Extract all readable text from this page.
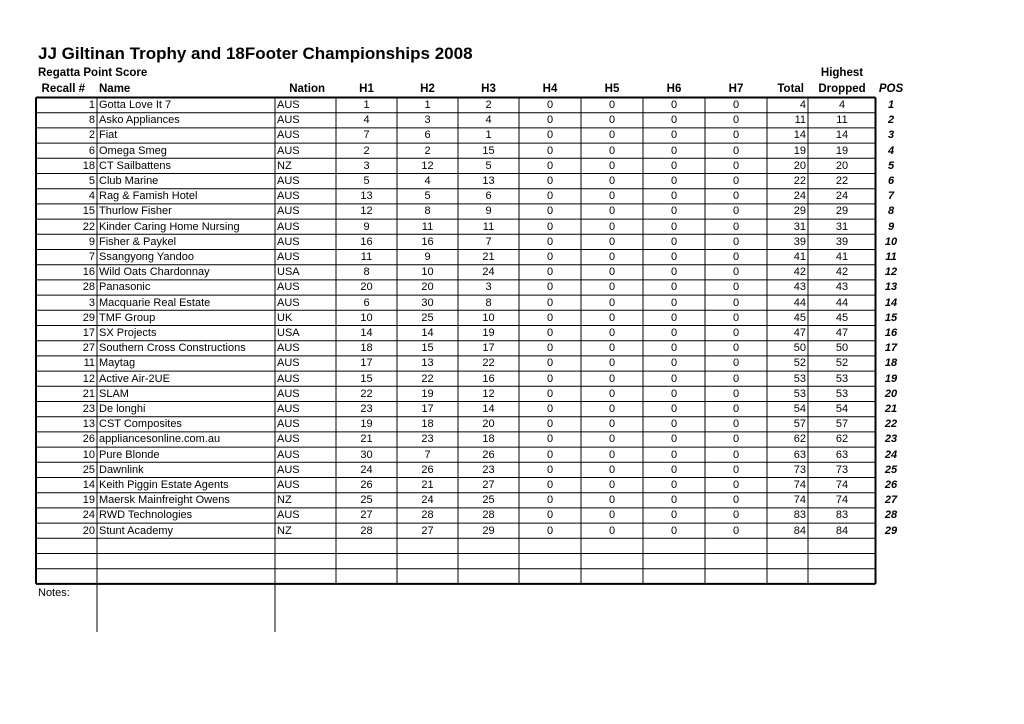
JJ Giltinan Trophy and 18Footer Championships 2008
Regatta Point Score	Highest
Recall # Name	Nation	H1	H2	H3	H4	H5	H6	H7	Total	Dropped	POS
1 Gotta Love It 7	AUS	1	1	2	0	0	0	0	4	4	1
8 Asko Appliances	AUS	4	3	4	0	0	0	0	11	11	2
2 Fiat	AUS	7	6	1	0	0	0	0	14	14	3
6 Omega Smeg	AUS	2	2	15	0	0	0	0	19	19	4
18 CT Sailbattens	NZ	3	12	5	0	0	0	0	20	20	5
5 Club Marine	AUS	5	4	13	0	0	0	0	22	22	6
4 Rag & Famish Hotel	AUS	13	5	6	0	0	0	0	24	24	7
15 Thurlow Fisher	AUS	12	8	9	0	0	0	0	29	29	8
22 Kinder Caring Home Nursing	AUS	9	11	11	0	0	0	0	31	31	9
9 Fisher & Paykel	AUS	16	16	7	0	0	0	0	39	39	10
7 Ssangyong Yandoo	AUS	11	9	21	0	0	0	0	41	41	11
16 Wild Oats Chardonnay	USA	8	10	24	0	0	0	0	42	42	12
28 Panasonic	AUS	20	20	3	0	0	0	0	43	43	13
3 Macquarie Real Estate	AUS	6	30	8	0	0	0	0	44	44	14
29 TMF Group	UK	10	25	10	0	0	0	0	45	45	15
17 SX Projects	USA	14	14	19	0	0	0	0	47	47	16
27 Southern Cross Constructions	AUS	18	15	17	0	0	0	0	50	50	17
11 Maytag	AUS	17	13	22	0	0	0	0	52	52	18
12 Active Air-2UE	AUS	15	22	16	0	0	0	0	53	53	19
21 SLAM	AUS	22	19	12	0	0	0	0	53	53	20
23 De longhi	AUS	23	17	14	0	0	0	0	54	54	21
13 CST Composites	AUS	19	18	20	0	0	0	0	57	57	22
26 appliancesonline.com.au	AUS	21	23	18	0	0	0	0	62	62	23
10 Pure Blonde	AUS	30	7	26	0	0	0	0	63	63	24
25 Dawnlink	AUS	24	26	23	0	0	0	0	73	73	25
14 Keith Piggin Estate Agents	AUS	26	21	27	0	0	0	0	74	74	26
19 Maersk Mainfreight Owens	NZ	25	24	25	0	0	0	0	74	74	27
24 RWD Technologies	AUS	27	28	28	0	0	0	0	83	83	28
20 Stunt Academy	NZ	28	27	29	0	0	0	0	84	84	29
Notes:
